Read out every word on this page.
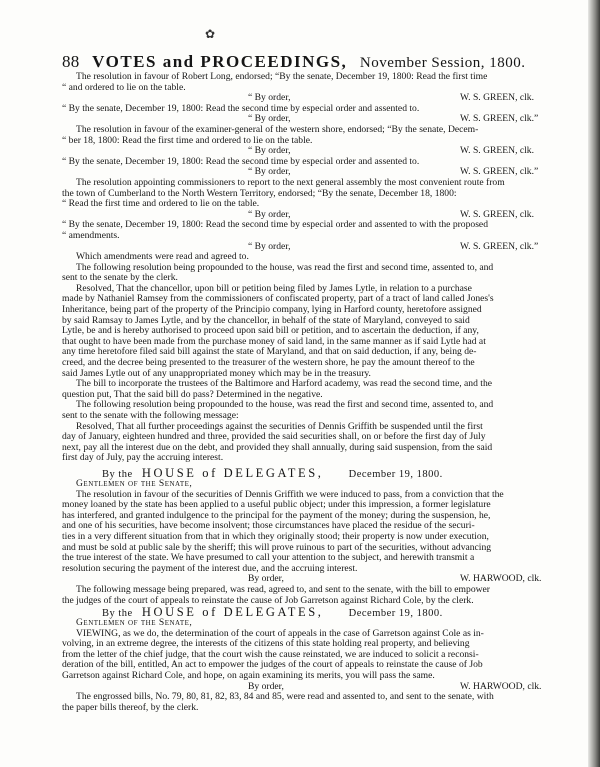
✿
88 VOTES and PROCEEDINGS, November Session, 1800.
The resolution in favour of Robert Long, endorsed; “By the senate, December 19, 1800: Read the first time
“ and ordered to lie on the table.
“ By order,	W. S. GREEN, clk.
“ By the senate, December 19, 1800: Read the second time by especial order and assented to.
“ By order,	W. S. GREEN, clk.”
The resolution in favour of the examiner-general of the western shore, endorsed; “By the senate, Decem-
“ ber 18, 1800: Read the first time and ordered to lie on the table.
“ By order,	W. S. GREEN, clk.
“ By the senate, December 19, 1800: Read the second time by especial order and assented to.
“ By order,	W. S. GREEN, clk.”
The resolution appointing commissioners to report to the next general assembly the most convenient route from
the town of Cumberland to the North Western Territory, endorsed; “By the senate, December 18, 1800:
“ Read the first time and ordered to lie on the table.
“ By order,	W. S. GREEN, clk.
“ By the senate, December 19, 1800: Read the second time by especial order and assented to with the proposed
“ amendments.
“ By order,	W. S. GREEN, clk.”
Which amendments were read and agreed to.
The following resolution being propounded to the house, was read the first and second time, assented to, and
sent to the senate by the clerk.
Resolved, That the chancellor, upon bill or petition being filed by James Lytle, in relation to a purchase
made by Nathaniel Ramsey from the commissioners of confiscated property, part of a tract of land called Jones's
Inheritance, being part of the property of the Principio company, lying in Harford county, heretofore assigned
by said Ramsay to James Lytle, and by the chancellor, in behalf of the state of Maryland, conveyed to said
Lytle, be and is hereby authorised to proceed upon said bill or petition, and to ascertain the deduction, if any,
that ought to have been made from the purchase money of said land, in the same manner as if said Lytle had at
any time heretofore filed said bill against the state of Maryland, and that on said deduction, if any, being de-
creed, and the decree being presented to the treasurer of the western shore, he pay the amount thereof to the
said James Lytle out of any unappropriated money which may be in the treasury.
The bill to incorporate the trustees of the Baltimore and Harford academy, was read the second time, and the
question put, That the said bill do pass? Determined in the negative.
The following resolution being propounded to the house, was read the first and second time, assented to, and
sent to the senate with the following message:
Resolved, That all further proceedings against the securities of Dennis Griffith be suspended until the first
day of January, eighteen hundred and three, provided the said securities shall, on or before the first day of July
next, pay all the interest due on the debt, and provided they shall annually, during said suspension, from the said
first day of July, pay the accruing interest.
By the HOUSE of DELEGATES, December 19, 1800.
Gentlemen of the Senate,
The resolution in favour of the securities of Dennis Griffith we were induced to pass, from a conviction that the
money loaned by the state has been applied to a useful public object; under this impression, a former legislature
has interfered, and granted indulgence to the principal for the payment of the money; during the suspension, he,
and one of his securities, have become insolvent; those circumstances have placed the residue of the securi-
ties in a very different situation from that in which they originally stood; their property is now under execution,
and must be sold at public sale by the sheriff; this will prove ruinous to part of the securities, without advancing
the true interest of the state. We have presumed to call your attention to the subject, and herewith transmit a
resolution securing the payment of the interest due, and the accruing interest.
By order,	W. HARWOOD, clk.
The following message being prepared, was read, agreed to, and sent to the senate, with the bill to empower
the judges of the court of appeals to reinstate the cause of Job Garretson against Richard Cole, by the clerk.
By the HOUSE of DELEGATES, December 19, 1800.
Gentlemen of the Senate,
VIEWING, as we do, the determination of the court of appeals in the case of Garretson against Cole as in-
volving, in an extreme degree, the interests of the citizens of this state holding real property, and believing
from the letter of the chief judge, that the court wish the cause reinstated, we are induced to solicit a reconsi-
deration of the bill, entitled, An act to empower the judges of the court of appeals to reinstate the cause of Job
Garretson against Richard Cole, and hope, on again examining its merits, you will pass the same.
By order,	W. HARWOOD, clk.
The engrossed bills, No. 79, 80, 81, 82, 83, 84 and 85, were read and assented to, and sent to the senate, with
the paper bills thereof, by the clerk.
